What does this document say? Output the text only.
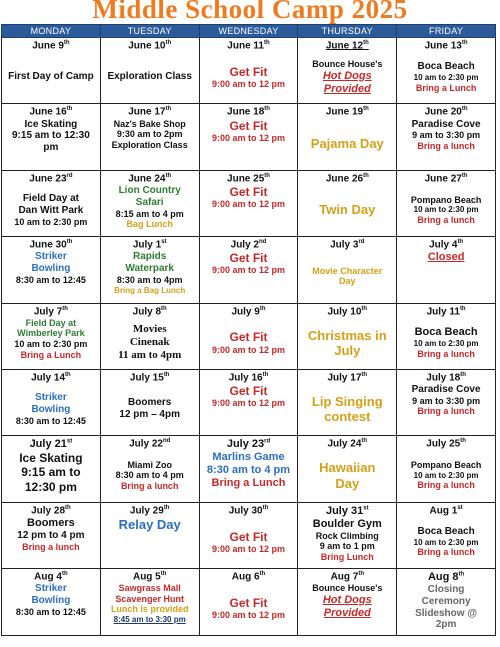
Middle School Camp 2025
MONDAY	TUESDAY	WEDNESDAY	THURSDAY	FRIDAY

June 9th
First Day of Camp	June 10th
Exploration Class	June 11th
Get Fit
9:00 am to 12 pm	June 12th
Bounce House's
Hot Dogs
Provided	June 13th
Boca Beach
10 am to 2:30 pm
Bring a Lunch

June 16th
Ice Skating
9:15 am to 12:30
pm	June 17th
Naz's Bake Shop
9:30 am to 2pm
Exploration Class	June 18th
Get Fit
9:00 am to 12 pm	June 19th
Pajama Day	June 20th
Paradise Cove
9 am to 3:30 pm
Bring a lunch

June 23rd
Field Day at
Dan Witt Park
10 am to 2:30 pm	June 24th
Lion Country
Safari
8:15 am to 4 pm
Bag Lunch	June 25th
Get Fit
9:00 am to 12 pm	June 26th
Twin Day	June 27th
Pompano Beach
10 am to 2:30 pm
Bring a lunch

June 30th
Striker
Bowling
8:30 am to 12:45	July 1st
Rapids
Waterpark
8:30 am to 4pm
Bring a Bag Lunch	July 2nd
Get Fit
9:00 am to 12 pm	July 3rd
Movie Character
Day	July 4th
Closed

July 7th
Field Day at
Wimberley Park
10 am to 2:30 pm
Bring a Lunch	July 8th
Movies
Cinenak
11 am to 4pm	July 9th
Get Fit
9:00 am to 12 pm	July 10th
Christmas in
July	July 11th
Boca Beach
10 am to 2:30 pm
Bring a lunch

July 14th
Striker
Bowling
8:30 am to 12:45	July 15th
Boomers
12 pm – 4pm	July 16th
Get Fit
9:00 am to 12 pm	July 17th
Lip Singing
contest	July 18th
Paradise Cove
9 am to 3:30 pm
Bring a lunch

July 21st
Ice Skating
9:15 am to
12:30 pm	July 22nd
Miami Zoo
8:30 am to 4 pm
Bring a lunch	July 23rd
Marlins Game
8:30 am to 4 pm
Bring a Lunch	July 24th
Hawaiian
Day	July 25th
Pompano Beach
10 am to 2:30 pm
Bring a lunch

July 28th
Boomers
12 pm to 4 pm
Bring a lunch	July 29th
Relay Day	July 30th
Get Fit
9:00 am to 12 pm	July 31st
Boulder Gym
Rock Climbing
9 am to 1 pm
Bring Lunch	Aug 1st
Boca Beach
10 am to 2:30 pm
Bring a lunch

Aug 4th
Striker
Bowling
8:30 am to 12:45	Aug 5th
Sawgrass Mall
Scavenger Hunt
Lunch is provided
8:45 am to 3:30 pm	Aug 6th
Get Fit
9:00 am to 12 pm	Aug 7th
Bounce House's
Hot Dogs
Provided	Aug 8th
Closing
Ceremony
Slideshow @
2pm
